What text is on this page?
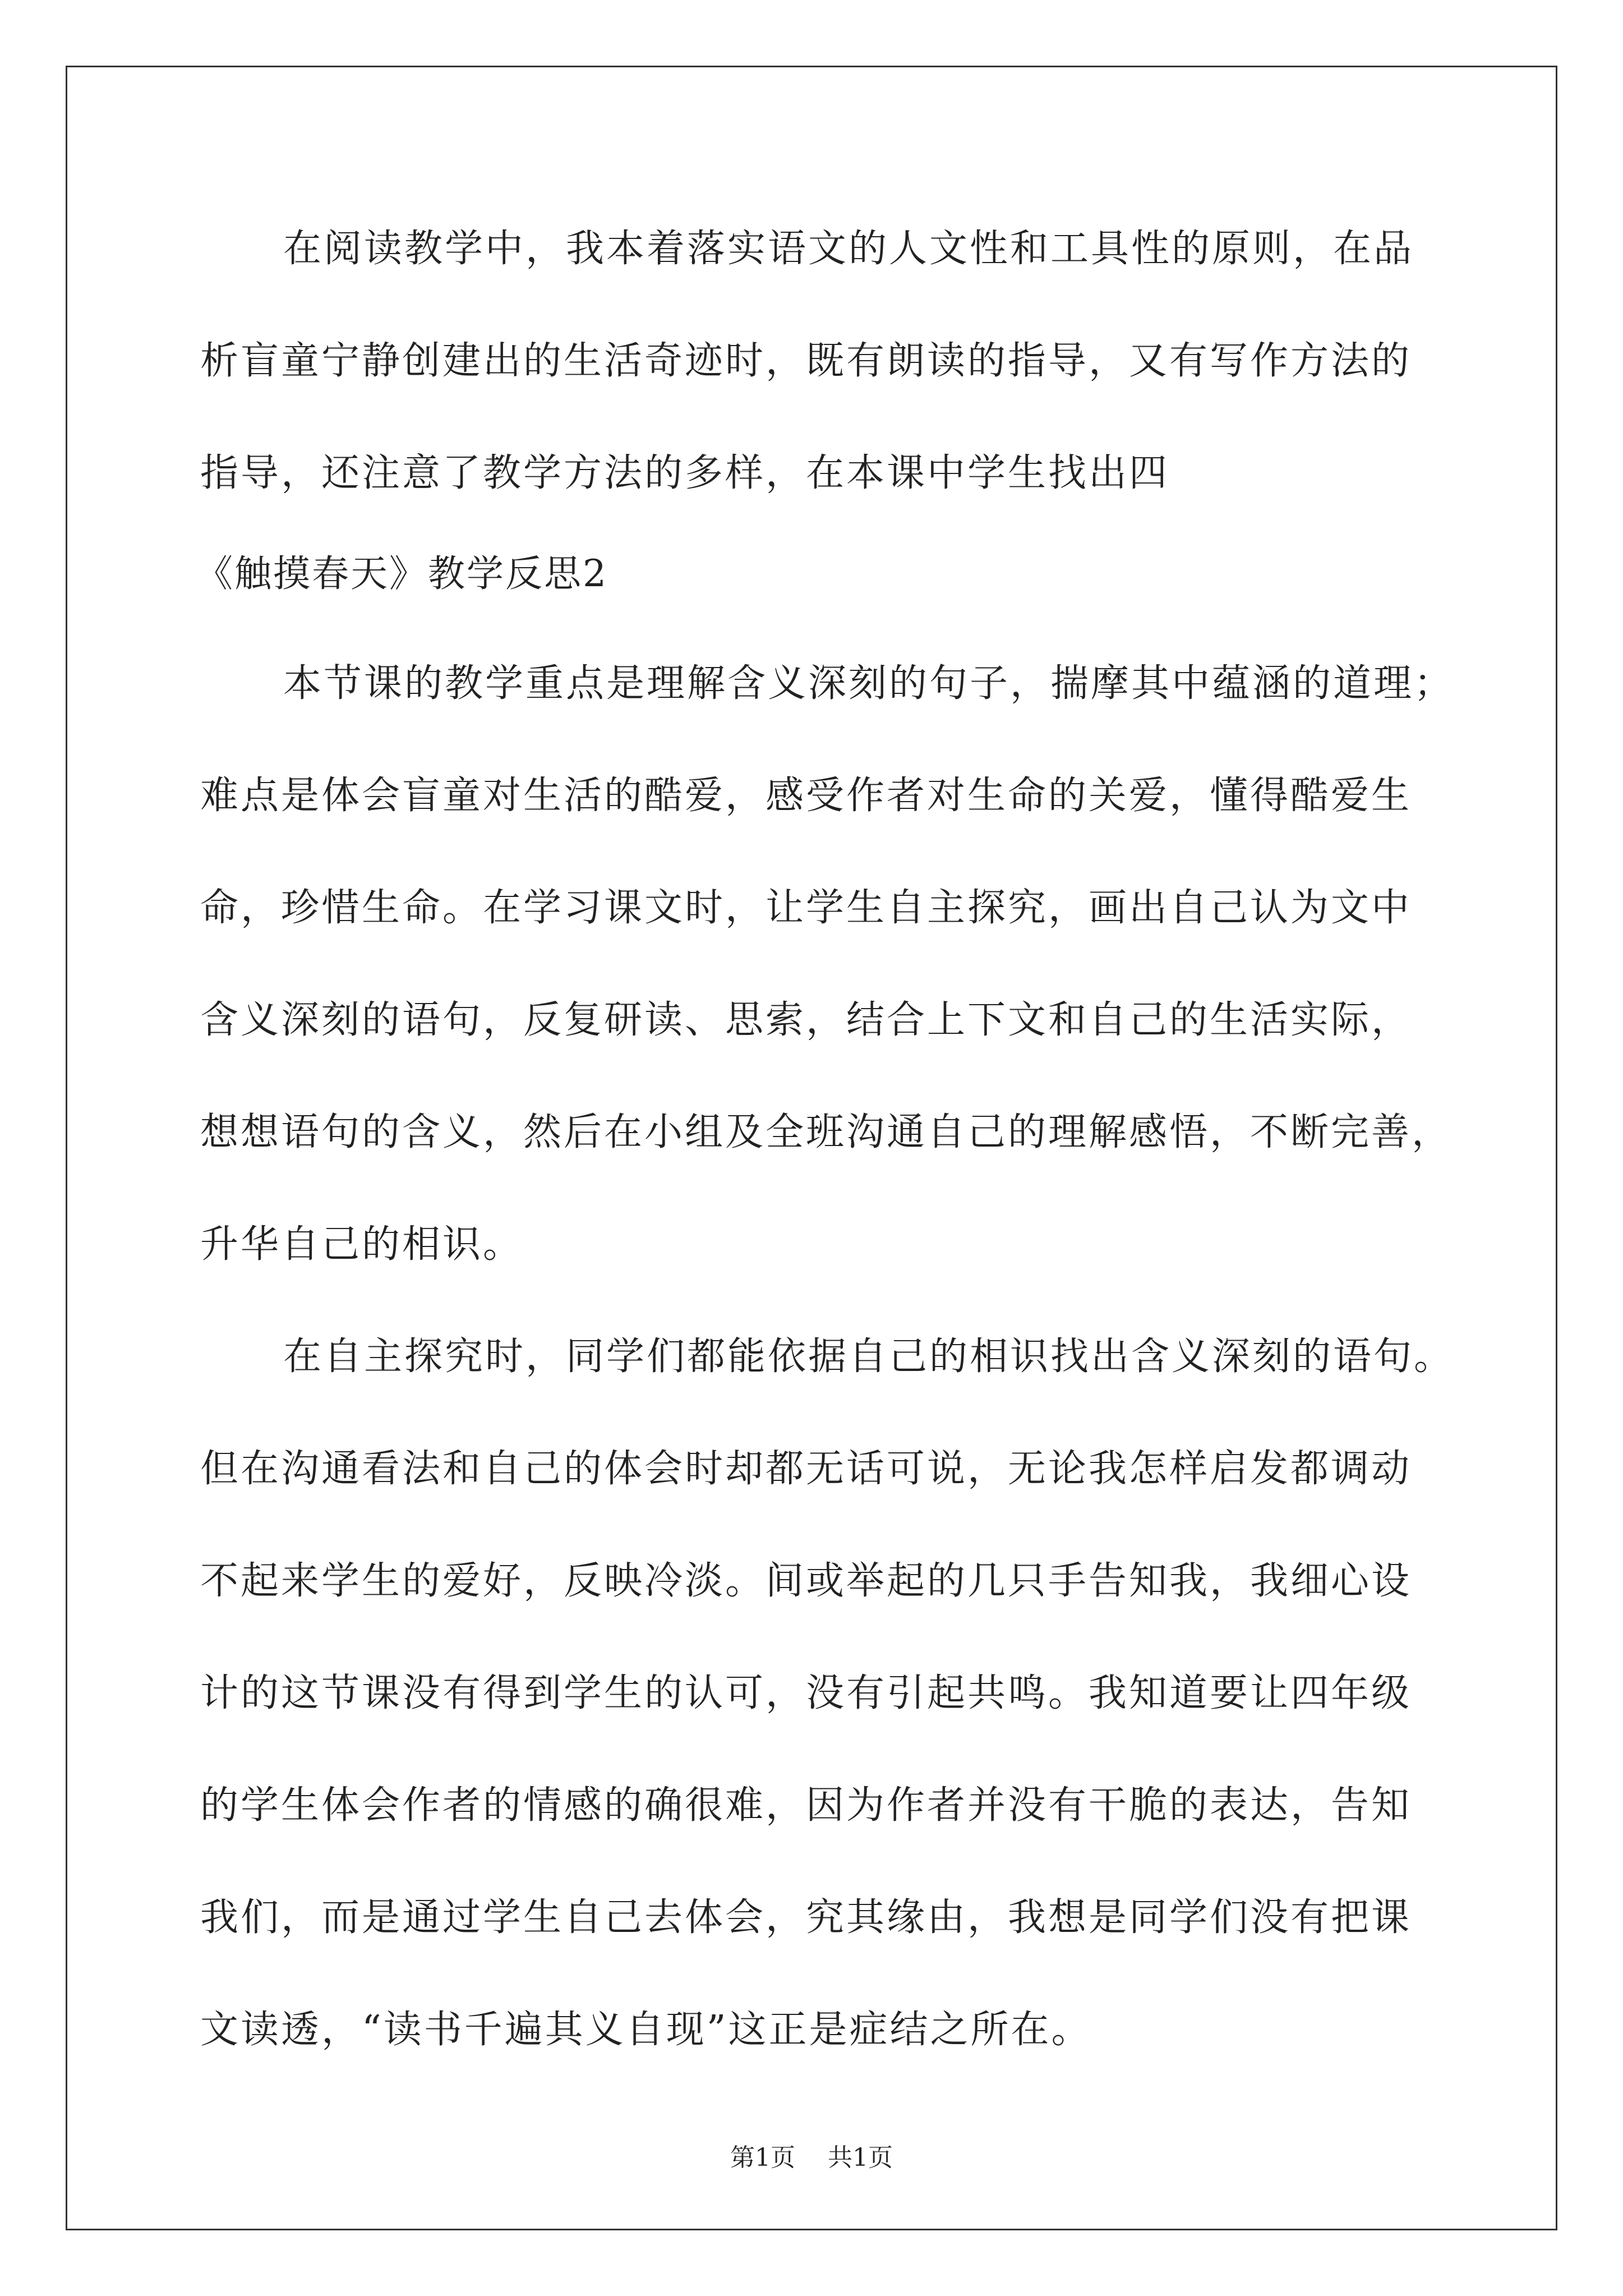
在阅读教学中，我本着落实语文的人文性和工具性的原则，在品
析盲童宁静创建出的生活奇迹时，既有朗读的指导，又有写作方法的
指导，还注意了教学方法的多样，在本课中学生找出四
《触摸春天》教学反思2
本节课的教学重点是理解含义深刻的句子，揣摩其中蕴涵的道理；
难点是体会盲童对生活的酷爱，感受作者对生命的关爱，懂得酷爱生
命，珍惜生命。在学习课文时，让学生自主探究，画出自己认为文中
含义深刻的语句，反复研读、思索，结合上下文和自己的生活实际，
想想语句的含义，然后在小组及全班沟通自己的理解感悟，不断完善，
升华自己的相识。
在自主探究时，同学们都能依据自己的相识找出含义深刻的语句。
但在沟通看法和自己的体会时却都无话可说，无论我怎样启发都调动
不起来学生的爱好，反映冷淡。间或举起的几只手告知我，我细心设
计的这节课没有得到学生的认可，没有引起共鸣。我知道要让四年级
的学生体会作者的情感的确很难，因为作者并没有干脆的表达，告知
我们，而是通过学生自己去体会，究其缘由，我想是同学们没有把课
文读透，“读书千遍其义自现”这正是症结之所在。
第1页 共1页
